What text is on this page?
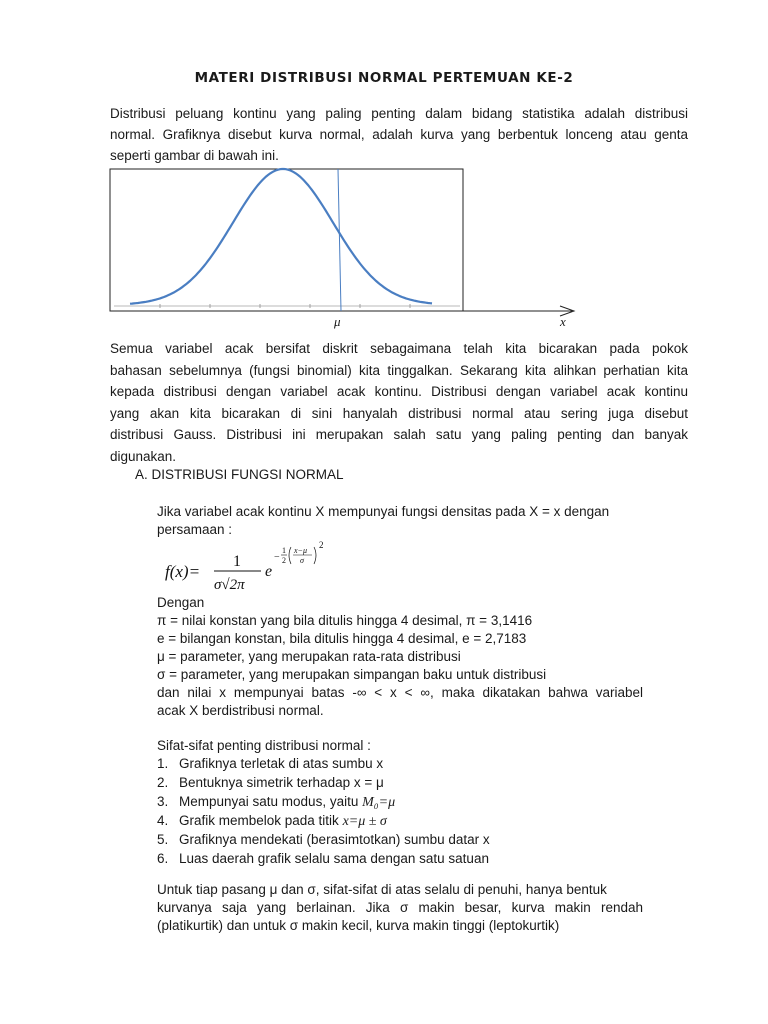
MATERI DISTRIBUSI NORMAL PERTEMUAN KE-2
Distribusi peluang kontinu yang paling penting dalam bidang statistika adalah distribusi
normal. Grafiknya disebut kurva normal, adalah kurva yang berbentuk lonceng atau genta
seperti gambar di bawah ini.
μ	x
Semua variabel acak bersifat diskrit sebagaimana telah kita bicarakan pada pokok
bahasan sebelumnya (fungsi binomial) kita tinggalkan. Sekarang kita alihkan perhatian kita
kepada distribusi dengan variabel acak kontinu. Distribusi dengan variabel acak kontinu
yang akan kita bicarakan di sini hanyalah distribusi normal atau sering juga disebut
distribusi Gauss. Distribusi ini merupakan salah satu yang paling penting dan banyak
digunakan.
A. DISTRIBUSI FUNGSI NORMAL
Jika variabel acak kontinu X mempunyai fungsi densitas pada X = x dengan
persamaan :
f(x)=
1
σ√2π
e
−
1
2
x−μ
σ
2
Dengan
π = nilai konstan yang bila ditulis hingga 4 desimal, π = 3,1416
e = bilangan konstan, bila ditulis hingga 4 desimal, e = 2,7183
μ = parameter, yang merupakan rata-rata distribusi
σ = parameter, yang merupakan simpangan baku untuk distribusi
dan nilai x mempunyai batas -∞ < x < ∞, maka dikatakan bahwa variabel
acak X berdistribusi normal.
Sifat-sifat penting distribusi normal :
1. Grafiknya terletak di atas sumbu x
2. Bentuknya simetrik terhadap x = μ
3. Mempunyai satu modus, yaitu M₀=μ
4. Grafik membelok pada titik x=μ ± σ
5. Grafiknya mendekati (berasimtotkan) sumbu datar x
6. Luas daerah grafik selalu sama dengan satu satuan
Untuk tiap pasang μ dan σ, sifat-sifat di atas selalu di penuhi, hanya bentuk
kurvanya saja yang berlainan. Jika σ makin besar, kurva makin rendah
(platikurtik) dan untuk σ makin kecil, kurva makin tinggi (leptokurtik)
